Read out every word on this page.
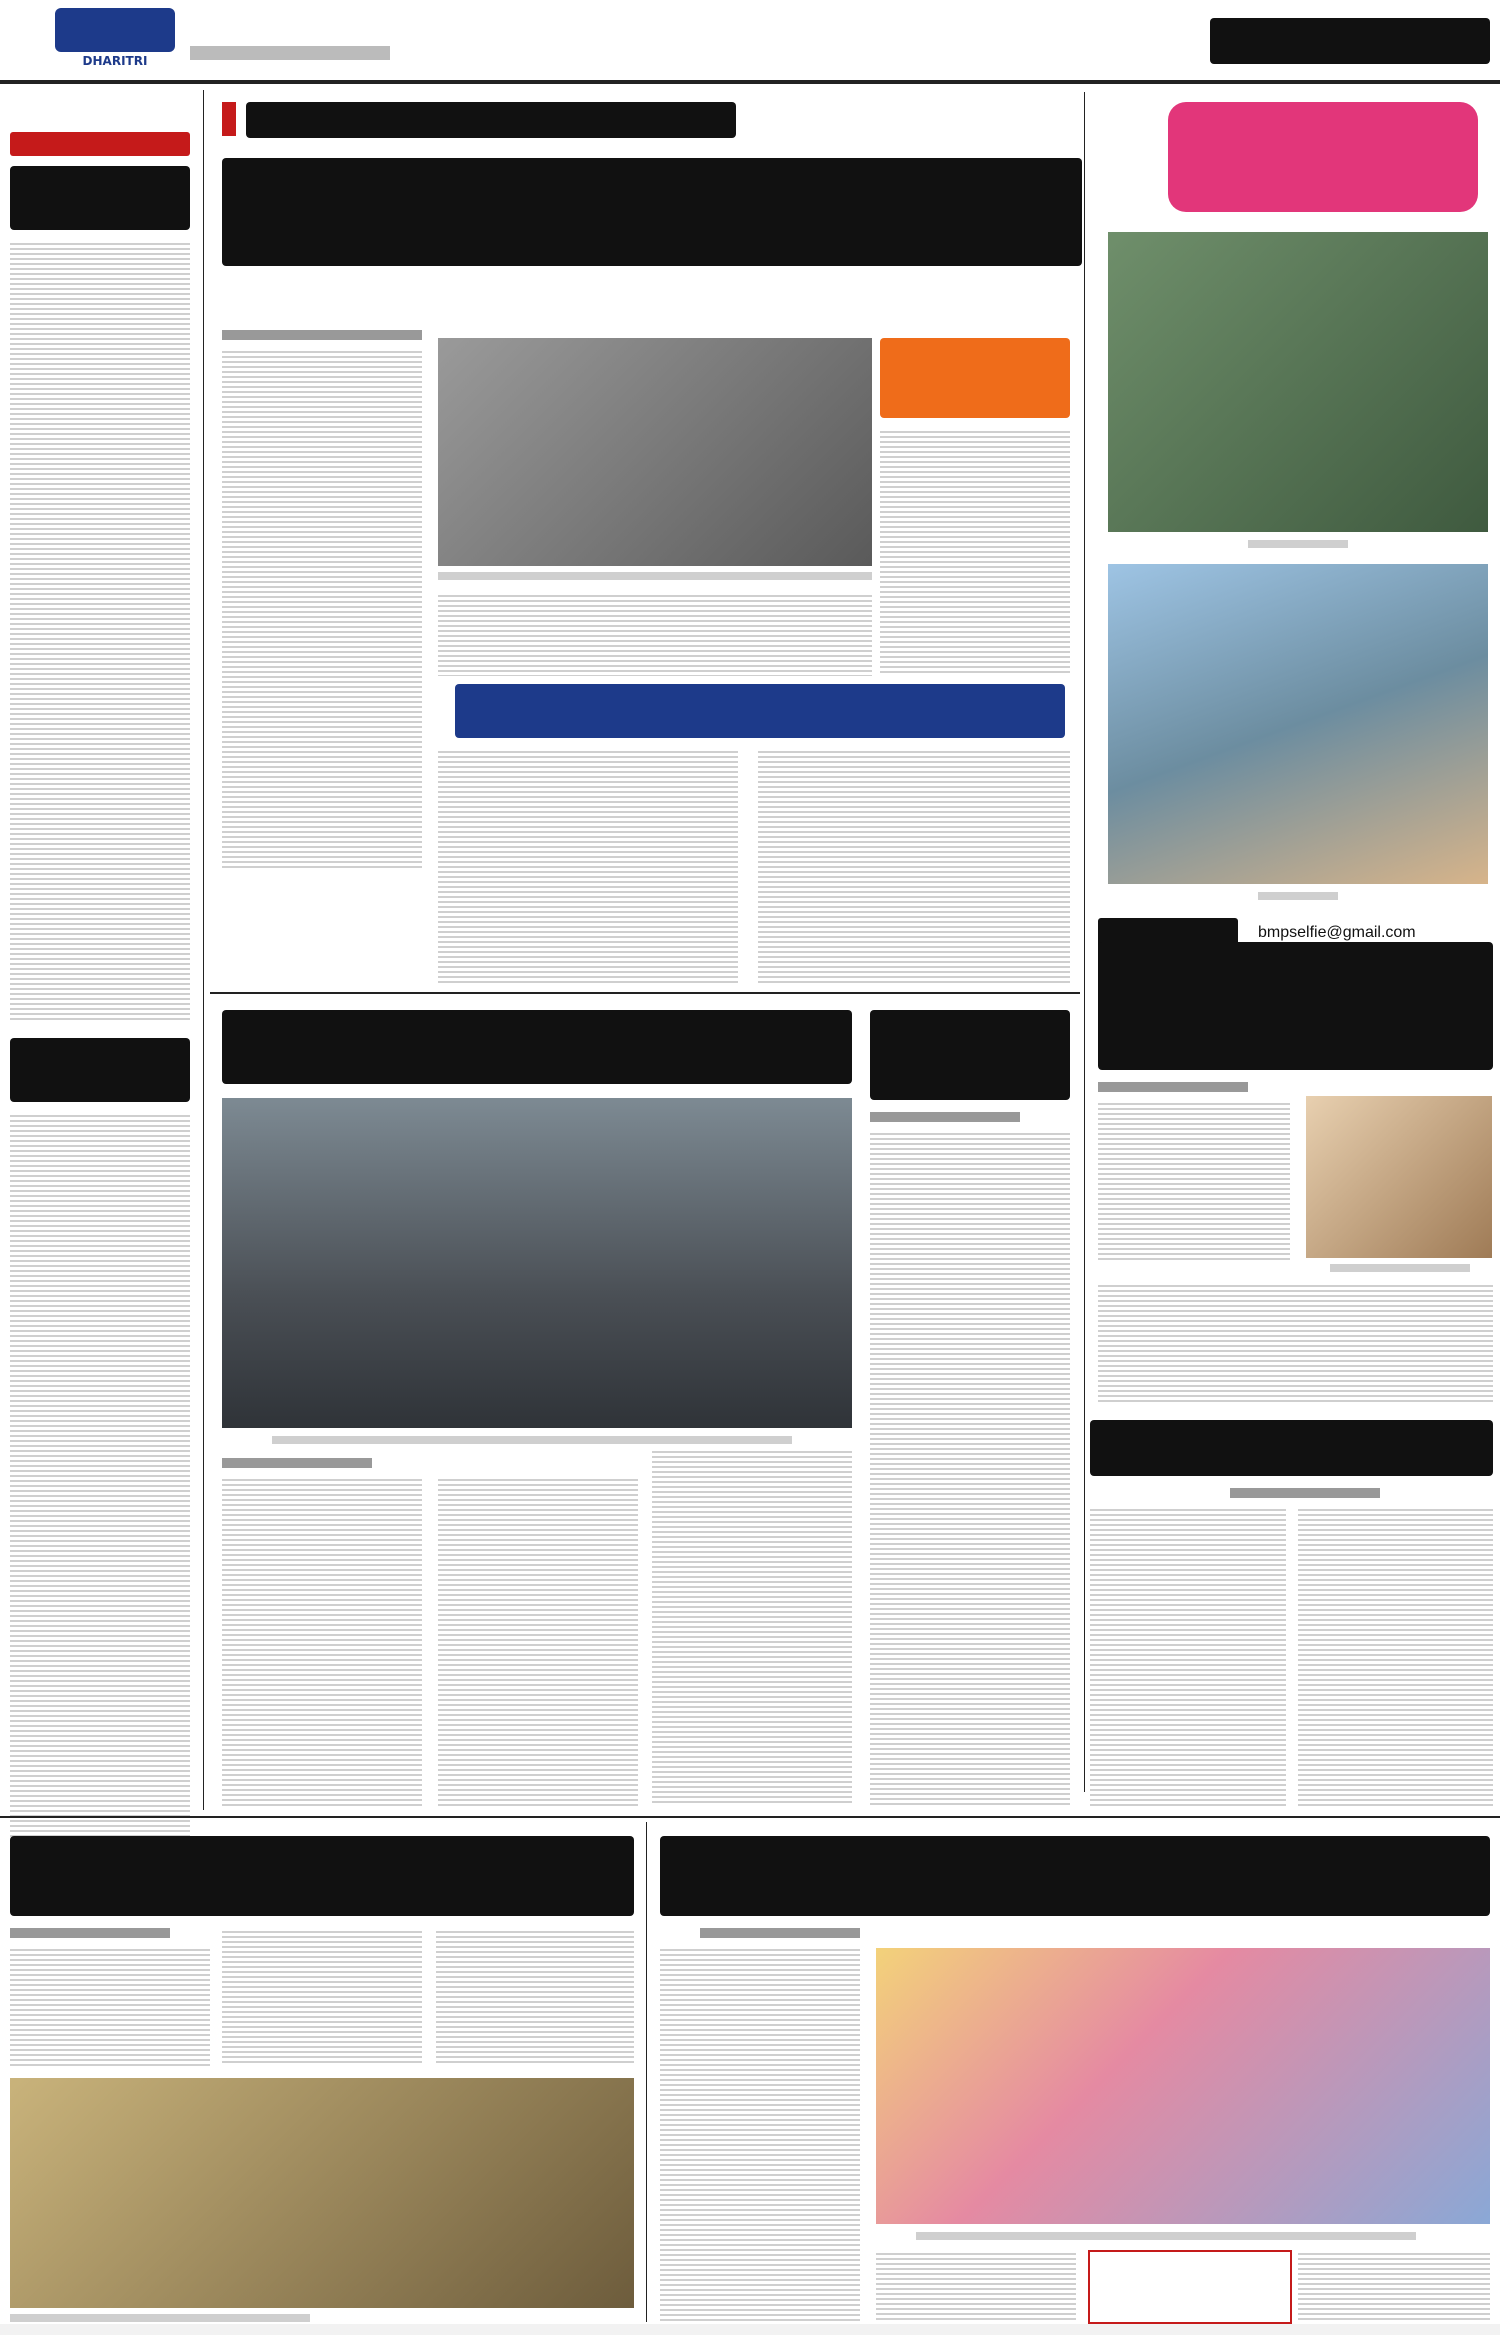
DHARITRI
bmpselfie@gmail.com
